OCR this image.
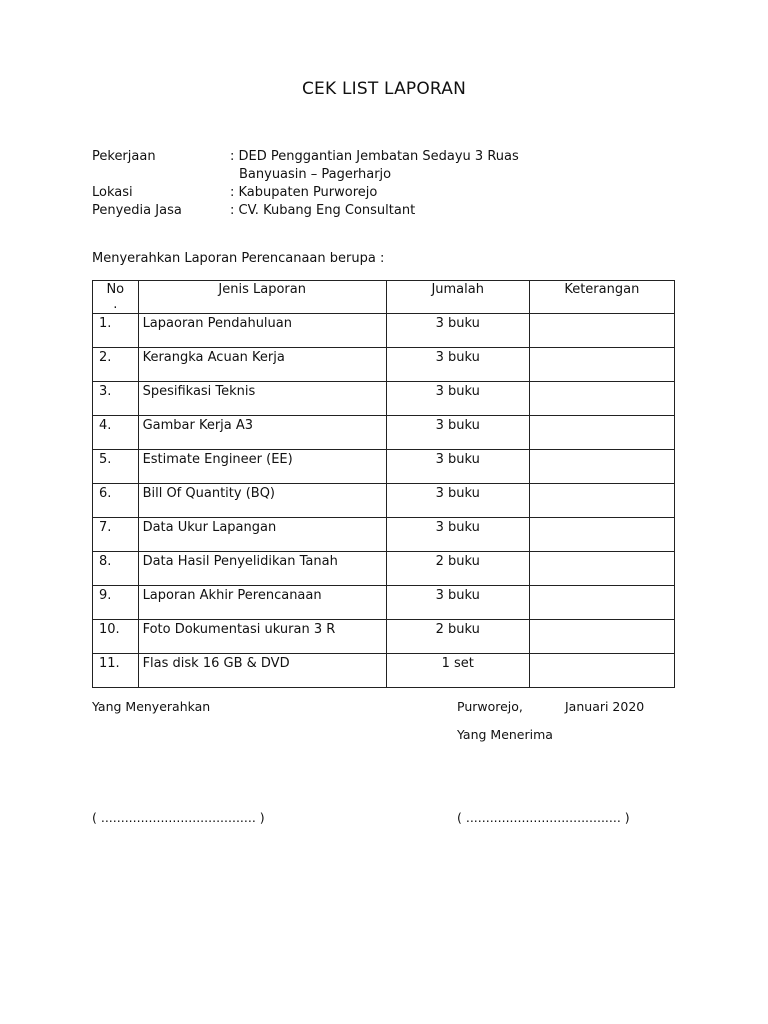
CEK LIST LAPORAN
Pekerjaan	: DED Penggantian Jembatan Sedayu 3 Ruas
Banyuasin – Pagerharjo
Lokasi	: Kabupaten Purworejo
Penyedia Jasa	: CV. Kubang Eng Consultant
Menyerahkan Laporan Perencanaan berupa :
No
.	Jenis Laporan	Jumalah	Keterangan
1.	Lapaoran Pendahuluan	3 buku	
2.	Kerangka Acuan Kerja	3 buku	
3.	Spesifikasi Teknis	3 buku	
4.	Gambar Kerja A3	3 buku	
5.	Estimate Engineer (EE)	3 buku	
6.	Bill Of Quantity (BQ)	3 buku	
7.	Data Ukur Lapangan	3 buku	
8.	Data Hasil Penyelidikan Tanah	2 buku	
9.	Laporan Akhir Perencanaan	3 buku	
10.	Foto Dokumentasi ukuran 3 R	2 buku	
11.	Flas disk 16 GB & DVD	1 set	
Yang Menyerahkan	Purworejo,	Januari 2020
Yang Menerima
( ....................................... )	( ....................................... )
